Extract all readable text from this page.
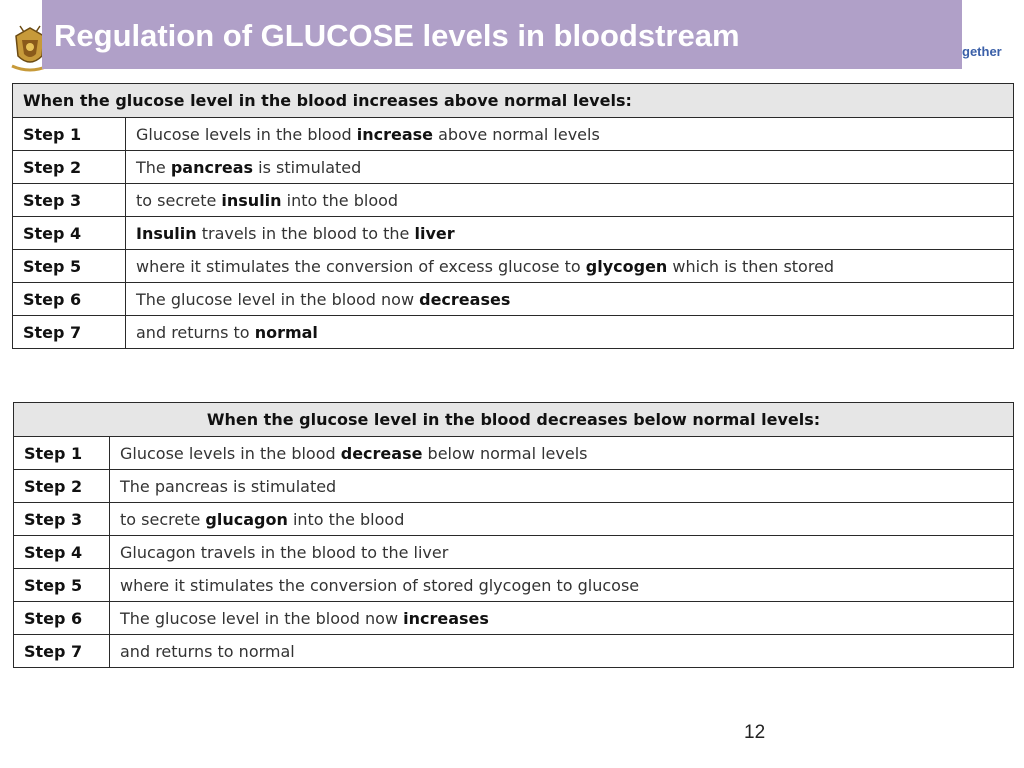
Regulation of GLUCOSE levels in bloodstream	gether
When the glucose level in the blood increases above normal levels:	
Step 1	Glucose levels in the blood increase above normal levels
Step 2	The pancreas is stimulated
Step 3	to secrete insulin into the blood
Step 4	Insulin travels in the blood to the liver
Step 5	where it stimulates the conversion of excess glucose to glycogen which is then stored
Step 6	The glucose level in the blood now decreases
Step 7	and returns to normal
When the glucose level in the blood decreases below normal levels:	
Step 1	Glucose levels in the blood decrease below normal levels
Step 2	The pancreas is stimulated
Step 3	to secrete glucagon into the blood
Step 4	Glucagon travels in the blood to the liver
Step 5	where it stimulates the conversion of stored glycogen to glucose
Step 6	The glucose level in the blood now increases
Step 7	and returns to normal
12
